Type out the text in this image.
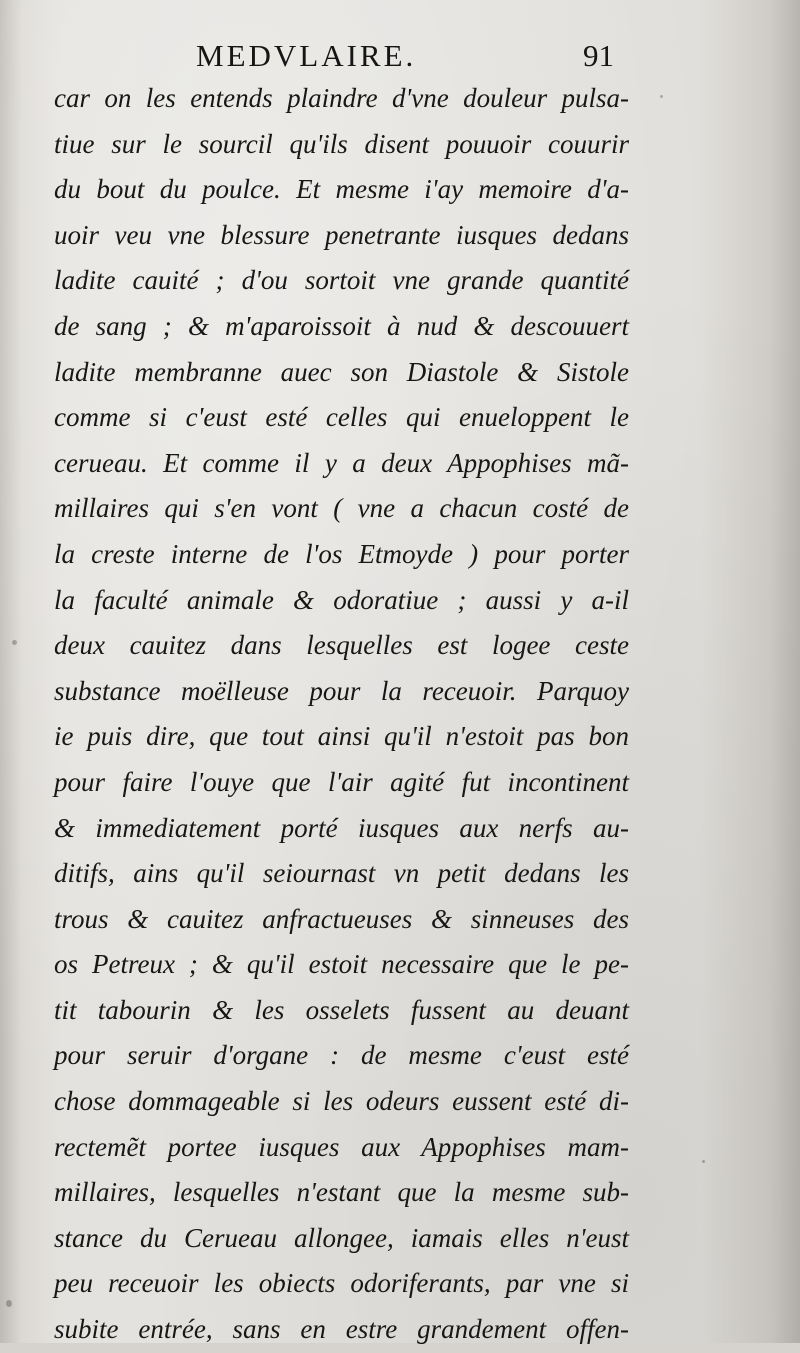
MEDVLAIRE.	91
car on les entends plaindre d'vne douleur pulsa-
tiue sur le sourcil qu'ils disent pouuoir couurir
du bout du poulce. Et mesme i'ay memoire d'a-
uoir veu vne blessure penetrante iusques dedans
ladite cauité ; d'ou sortoit vne grande quantité
de sang ; & m'aparoissoit à nud & descouuert
ladite membranne auec son Diastole & Sistole
comme si c'eust esté celles qui enueloppent le
cerueau. Et comme il y a deux Appophises mã-
millaires qui s'en vont ( vne a chacun costé de
la creste interne de l'os Etmoyde ) pour porter
la faculté animale & odoratiue ; aussi y a-il
deux cauitez dans lesquelles est logee ceste
substance moëlleuse pour la receuoir. Parquoy
ie puis dire, que tout ainsi qu'il n'estoit pas bon
pour faire l'ouye que l'air agité fut incontinent
& immediatement porté iusques aux nerfs au-
ditifs, ains qu'il seiournast vn petit dedans les
trous & cauitez anfractueuses & sinneuses des
os Petreux ; & qu'il estoit necessaire que le pe-
tit tabourin & les osselets fussent au deuant
pour seruir d'organe : de mesme c'eust esté
chose dommageable si les odeurs eussent esté di-
rectemẽt portee iusques aux Appophises mam-
millaires, lesquelles n'estant que la mesme sub-
stance du Cerueau allongee, iamais elles n'eust
peu receuoir les obiects odoriferants, par vne si
subite entrée, sans en estre grandement offen-
